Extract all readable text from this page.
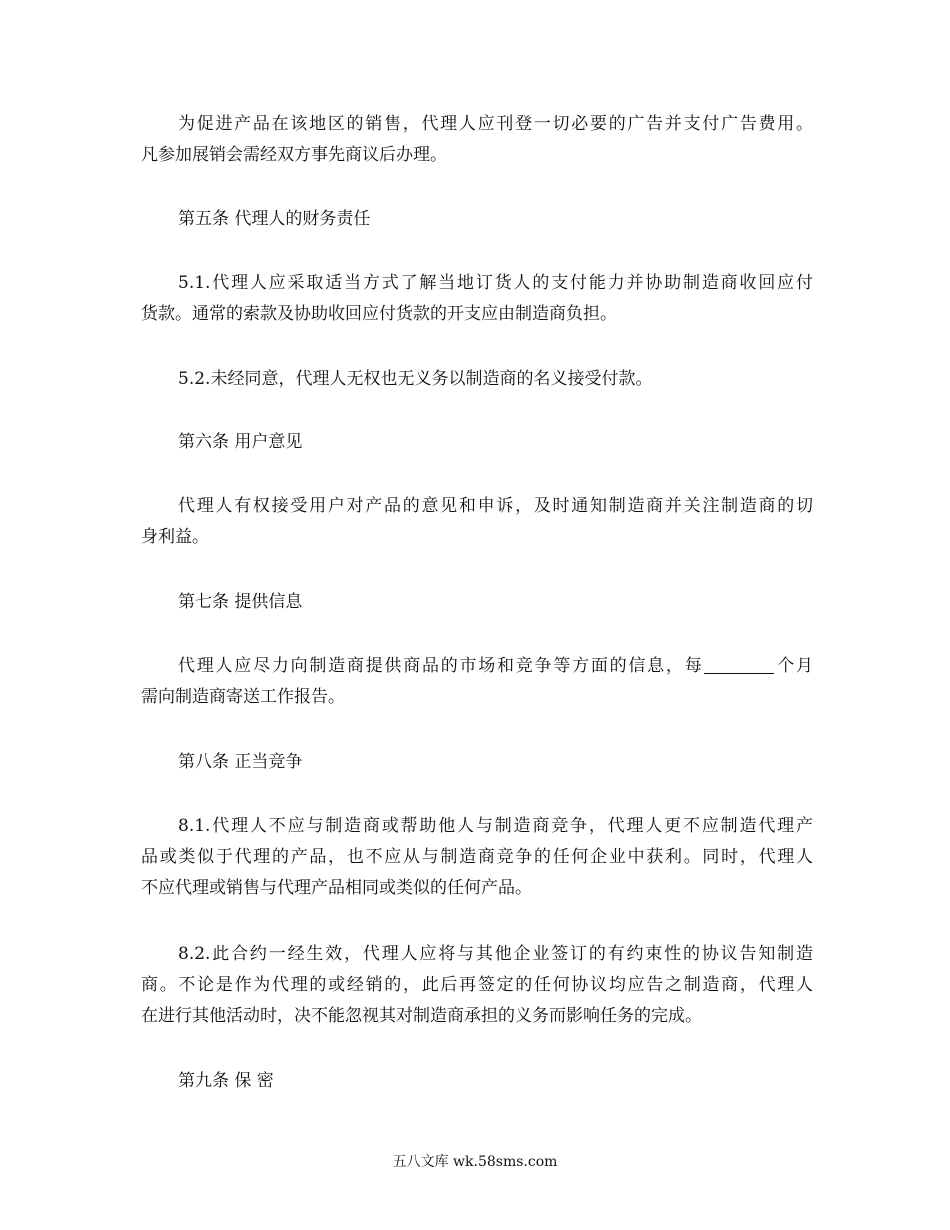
为促进产品在该地区的销售，代理人应刊登一切必要的广告并支付广告费用。
凡参加展销会需经双方事先商议后办理。

第五条 代理人的财务责任

5.1.代理人应采取适当方式了解当地订货人的支付能力并协助制造商收回应付
货款。通常的索款及协助收回应付货款的开支应由制造商负担。

5.2.未经同意，代理人无权也无义务以制造商的名义接受付款。

第六条 用户意见

代理人有权接受用户对产品的意见和申诉，及时通知制造商并关注制造商的切
身利益。

第七条 提供信息

代理人应尽力向制造商提供商品的市场和竞争等方面的信息，每	个月
需向制造商寄送工作报告。

第八条 正当竞争

8.1.代理人不应与制造商或帮助他人与制造商竞争，代理人更不应制造代理产
品或类似于代理的产品，也不应从与制造商竞争的任何企业中获利。同时，代理人
不应代理或销售与代理产品相同或类似的任何产品。

8.2.此合约一经生效，代理人应将与其他企业签订的有约束性的协议告知制造
商。不论是作为代理的或经销的，此后再签定的任何协议均应告之制造商，代理人
在进行其他活动时，决不能忽视其对制造商承担的义务而影响任务的完成。

第九条 保 密

五八文库 wk.58sms.com
